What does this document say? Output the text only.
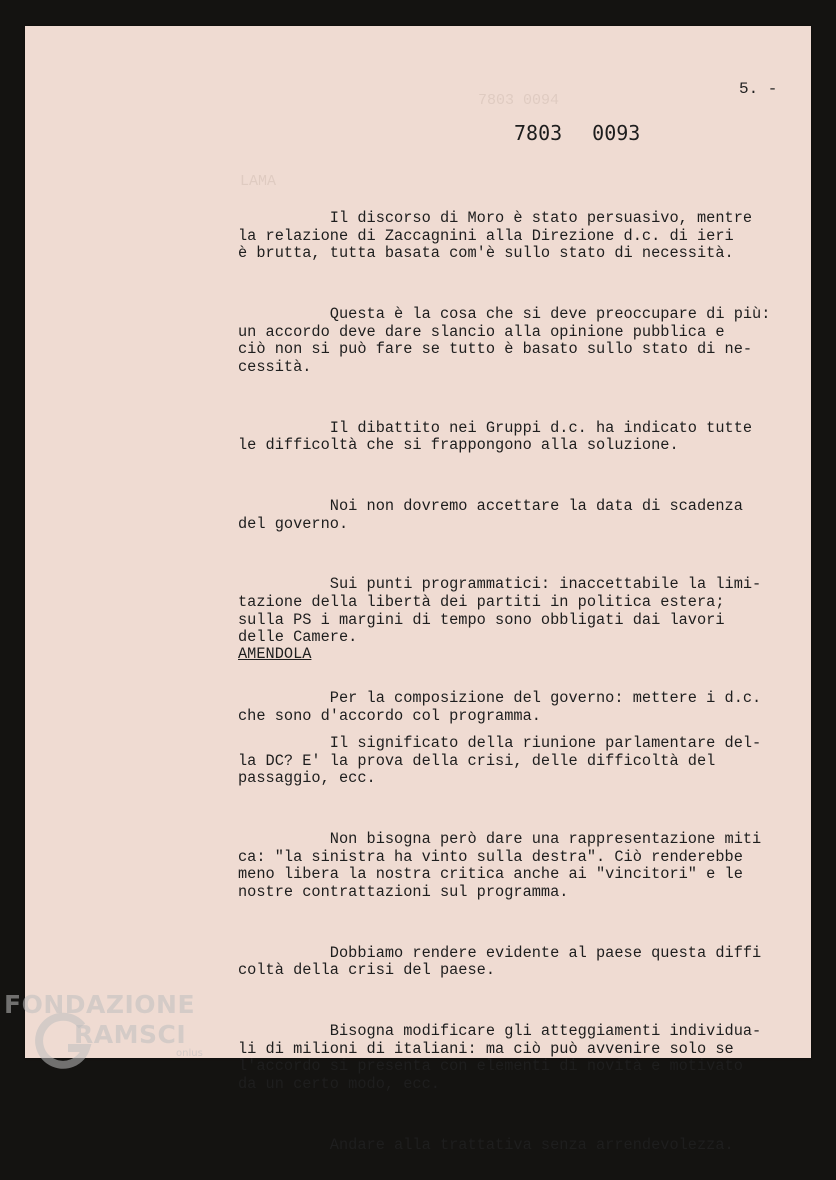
7803 0094
LAMA
5. -
7803 0093

Il discorso di Moro è stato persuasivo, mentre
la relazione di Zaccagnini alla Direzione d.c. di ieri
è brutta, tutta basata com'è sullo stato di necessità.

Questa è la cosa che si deve preoccupare di più:
un accordo deve dare slancio alla opinione pubblica e
ciò non si può fare se tutto è basato sullo stato di ne-
cessità.

Il dibattito nei Gruppi d.c. ha indicato tutte
le difficoltà che si frappongono alla soluzione.

Noi non dovremo accettare la data di scadenza
del governo.

Sui punti programmatici: inaccettabile la limi-
tazione della libertà dei partiti in politica estera;
sulla PS i margini di tempo sono obbligati dai lavori
delle Camere.

Per la composizione del governo: mettere i d.c.
che sono d'accordo col programma.

AMENDOLA

Il significato della riunione parlamentare del-
la DC? E' la prova della crisi, delle difficoltà del
passaggio, ecc.

Non bisogna però dare una rappresentazione miti
ca: "la sinistra ha vinto sulla destra". Ciò renderebbe
meno libera la nostra critica anche ai "vincitori" e le
nostre contrattazioni sul programma.

Dobbiamo rendere evidente al paese questa diffi
coltà della crisi del paese.

Bisogna modificare gli atteggiamenti individua-
li di milioni di italiani: ma ciò può avvenire solo se
l'accordo si presenta con elementi di novità e motivato
da un certo modo, ecc.

Andare alla trattativa senza arrendevolezza.

FONDAZIONE
RAMSCI
onlus
